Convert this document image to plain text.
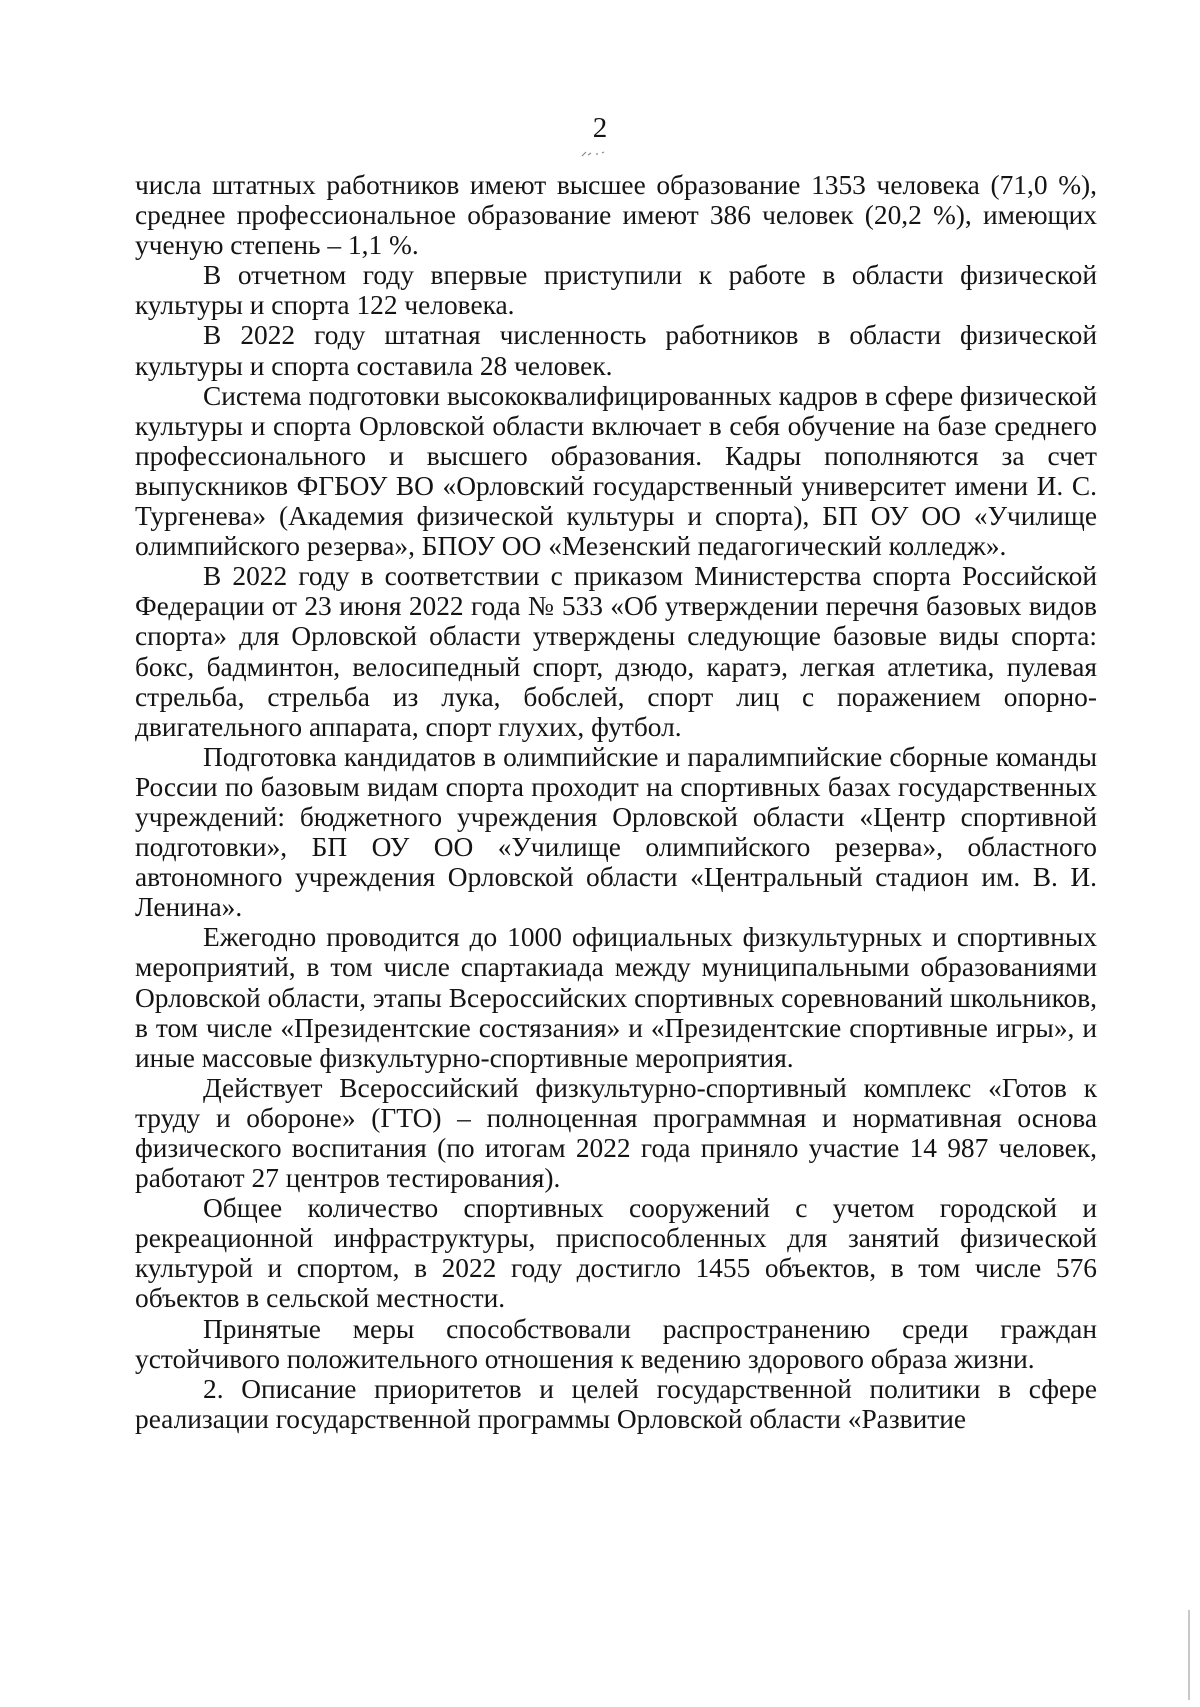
2

числа штатных работников имеют высшее образование 1353 человека (71,0 %), среднее профессиональное образование имеют 386 человек (20,2 %), имеющих ученую степень – 1,1 %.

В отчетном году впервые приступили к работе в области физической культуры и спорта 122 человека.

В 2022 году штатная численность работников в области физической культуры и спорта составила 28 человек.

Система подготовки высококвалифицированных кадров в сфере физической культуры и спорта Орловской области включает в себя обучение на базе среднего профессионального и высшего образования. Кадры пополняются за счет выпускников ФГБОУ ВО «Орловский государственный университет имени И. С. Тургенева» (Академия физической культуры и спорта), БП ОУ ОО «Училище олимпийского резерва», БПОУ ОО «Мезенский педагогический колледж».

В 2022 году в соответствии с приказом Министерства спорта Российской Федерации от 23 июня 2022 года № 533 «Об утверждении перечня базовых видов спорта» для Орловской области утверждены следующие базовые виды спорта: бокс, бадминтон, велосипедный спорт, дзюдо, каратэ, легкая атлетика, пулевая стрельба, стрельба из лука, бобслей, спорт лиц с поражением опорно-двигательного аппарата, спорт глухих, футбол.

Подготовка кандидатов в олимпийские и паралимпийские сборные команды России по базовым видам спорта проходит на спортивных базах государственных учреждений: бюджетного учреждения Орловской области «Центр спортивной подготовки», БП ОУ ОО «Училище олимпийского резерва», областного автономного учреждения Орловской области «Центральный стадион им. В. И. Ленина».

Ежегодно проводится до 1000 официальных физкультурных и спортивных мероприятий, в том числе спартакиада между муниципальными образованиями Орловской области, этапы Всероссийских спортивных соревнований школьников, в том числе «Президентские состязания» и «Президентские спортивные игры», и иные массовые физкультурно-спортивные мероприятия.

Действует Всероссийский физкультурно-спортивный комплекс «Готов к труду и обороне» (ГТО) – полноценная программная и нормативная основа физического воспитания (по итогам 2022 года приняло участие 14 987 человек, работают 27 центров тестирования).

Общее количество спортивных сооружений с учетом городской и рекреационной инфраструктуры, приспособленных для занятий физической культурой и спортом, в 2022 году достигло 1455 объектов, в том числе 576 объектов в сельской местности.

Принятые меры способствовали распространению среди граждан устойчивого положительного отношения к ведению здорового образа жизни.

2. Описание приоритетов и целей государственной политики в сфере реализации государственной программы Орловской области «Развитие
